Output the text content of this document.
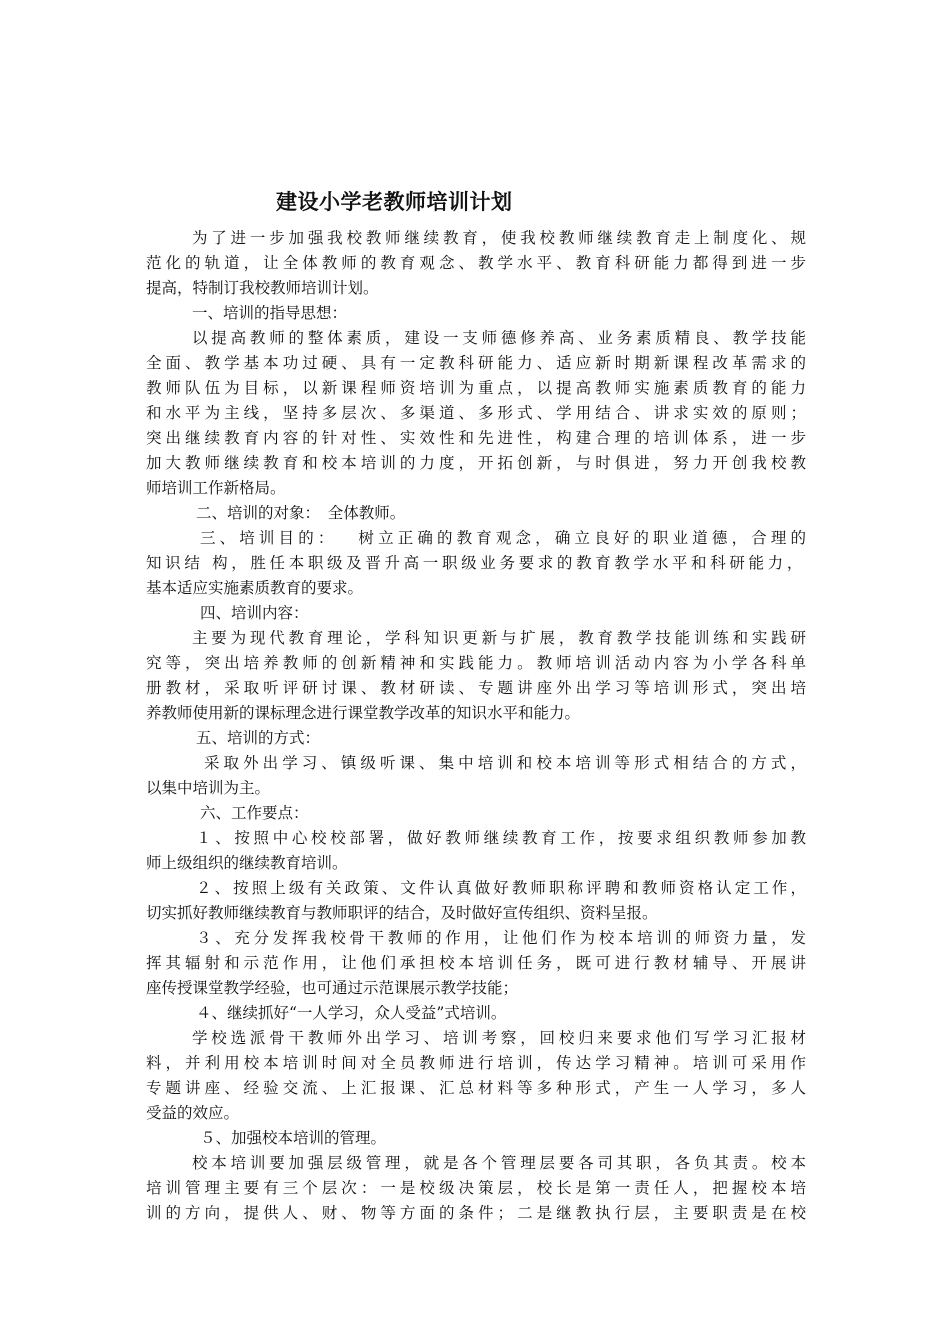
建设小学老教师培训计划

为了进一步加强我校教师继续教育，使我校教师继续教育走上制度化、规

范化的轨道，让全体教师的教育观念、教学水平、教育科研能力都得到进一步

提高，特制订我校教师培训计划。

一、培训的指导思想：

以提高教师的整体素质，建设一支师德修养高、业务素质精良、教学技能

全面、教学基本功过硬、具有一定教科研能力、适应新时期新课程改革需求的

教师队伍为目标，以新课程师资培训为重点，以提高教师实施素质教育的能力

和水平为主线，坚持多层次、多渠道、多形式、学用结合、讲求实效的原则；

突出继续教育内容的针对性、实效性和先进性，构建合理的培训体系，进一步

加大教师继续教育和校本培训的力度，开拓创新，与时俱进，努力开创我校教

师培训工作新格局。

二、培训的对象：　全体教师。

三、培训目的：　 树立正确的教育观念，确立良好的职业道德，合理的

知识结 构，胜任本职级及晋升高一职级业务要求的教育教学水平和科研能力，

基本适应实施素质教育的要求。

四、培训内容：

主要为现代教育理论，学科知识更新与扩展，教育教学技能训练和实践研

究等，突出培养教师的创新精神和实践能力。教师培训活动内容为小学各科单

册教材，采取听评研讨课、教材研读、专题讲座外出学习等培训形式，突出培

养教师使用新的课标理念进行课堂教学改革的知识水平和能力。

五、培训的方式：

采取外出学习、镇级听课、集中培训和校本培训等形式相结合的方式，

以集中培训为主。

六、工作要点：

１、按照中心校校部署，做好教师继续教育工作，按要求组织教师参加教

师上级组织的继续教育培训。

２、按照上级有关政策、文件认真做好教师职称评聘和教师资格认定工作，

切实抓好教师继续教育与教师职评的结合，及时做好宣传组织、资料呈报。

３、充分发挥我校骨干教师的作用，让他们作为校本培训的师资力量，发

挥其辐射和示范作用，让他们承担校本培训任务，既可进行教材辅导、开展讲

座传授课堂教学经验，也可通过示范课展示教学技能；

４、继续抓好“一人学习，众人受益”式培训。

学校选派骨干教师外出学习、培训考察，回校归来要求他们写学习汇报材

料，并利用校本培训时间对全员教师进行培训，传达学习精神。培训可采用作

专题讲座、经验交流、上汇报课、汇总材料等多种形式，产生一人学习，多人

受益的效应。

５、加强校本培训的管理。

校本培训要加强层级管理，就是各个管理层要各司其职，各负其责。校本

培训管理主要有三个层次：一是校级决策层，校长是第一责任人，把握校本培

训的方向，提供人、财、物等方面的条件；二是继教执行层，主要职责是在校
